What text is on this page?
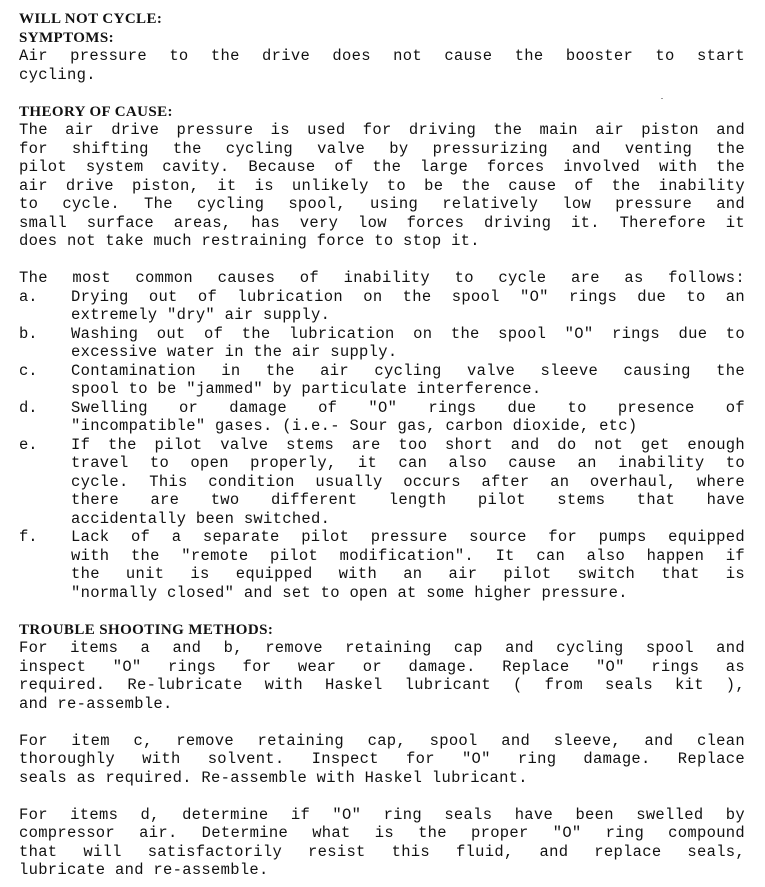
WILL NOT CYCLE:
SYMPTOMS:
Air pressure to the drive does not cause the booster to start
cycling.
THEORY OF CAUSE:
The air drive pressure is used for driving the main air piston and
for shifting the cycling valve by pressurizing and venting the
pilot system cavity. Because of the large forces involved with the
air drive piston, it is unlikely to be the cause of the inability
to cycle. The cycling spool, using relatively low pressure and
small surface areas, has very low forces driving it. Therefore it
does not take much restraining force to stop it.
The most common causes of inability to cycle are as follows:
a.	Drying out of lubrication on the spool "O" rings due to an
extremely "dry" air supply.
b.	Washing out of the lubrication on the spool "O" rings due to
excessive water in the air supply.
c.	Contamination in the air cycling valve sleeve causing the
spool to be "jammed" by particulate interference.
d.	Swelling or damage of "O" rings due to presence of
"incompatible" gases. (i.e.- Sour gas, carbon dioxide, etc)
e.	If the pilot valve stems are too short and do not get enough
travel to open properly, it can also cause an inability to
cycle. This condition usually occurs after an overhaul, where
there are two different length pilot stems that have
accidentally been switched.
f.	Lack of a separate pilot pressure source for pumps equipped
with the "remote pilot modification". It can also happen if
the unit is equipped with an air pilot switch that is
"normally closed" and set to open at some higher pressure.
TROUBLE SHOOTING METHODS:
For items a and b, remove retaining cap and cycling spool and
inspect "O" rings for wear or damage. Replace "O" rings as
required. Re-lubricate with Haskel lubricant ( from seals kit ),
and re-assemble.
For item c, remove retaining cap, spool and sleeve, and clean
thoroughly with solvent. Inspect for "O" ring damage. Replace
seals as required. Re-assemble with Haskel lubricant.
For items d, determine if "O" ring seals have been swelled by
compressor air. Determine what is the proper "O" ring compound
that will satisfactorily resist this fluid, and replace seals,
lubricate and re-assemble.
